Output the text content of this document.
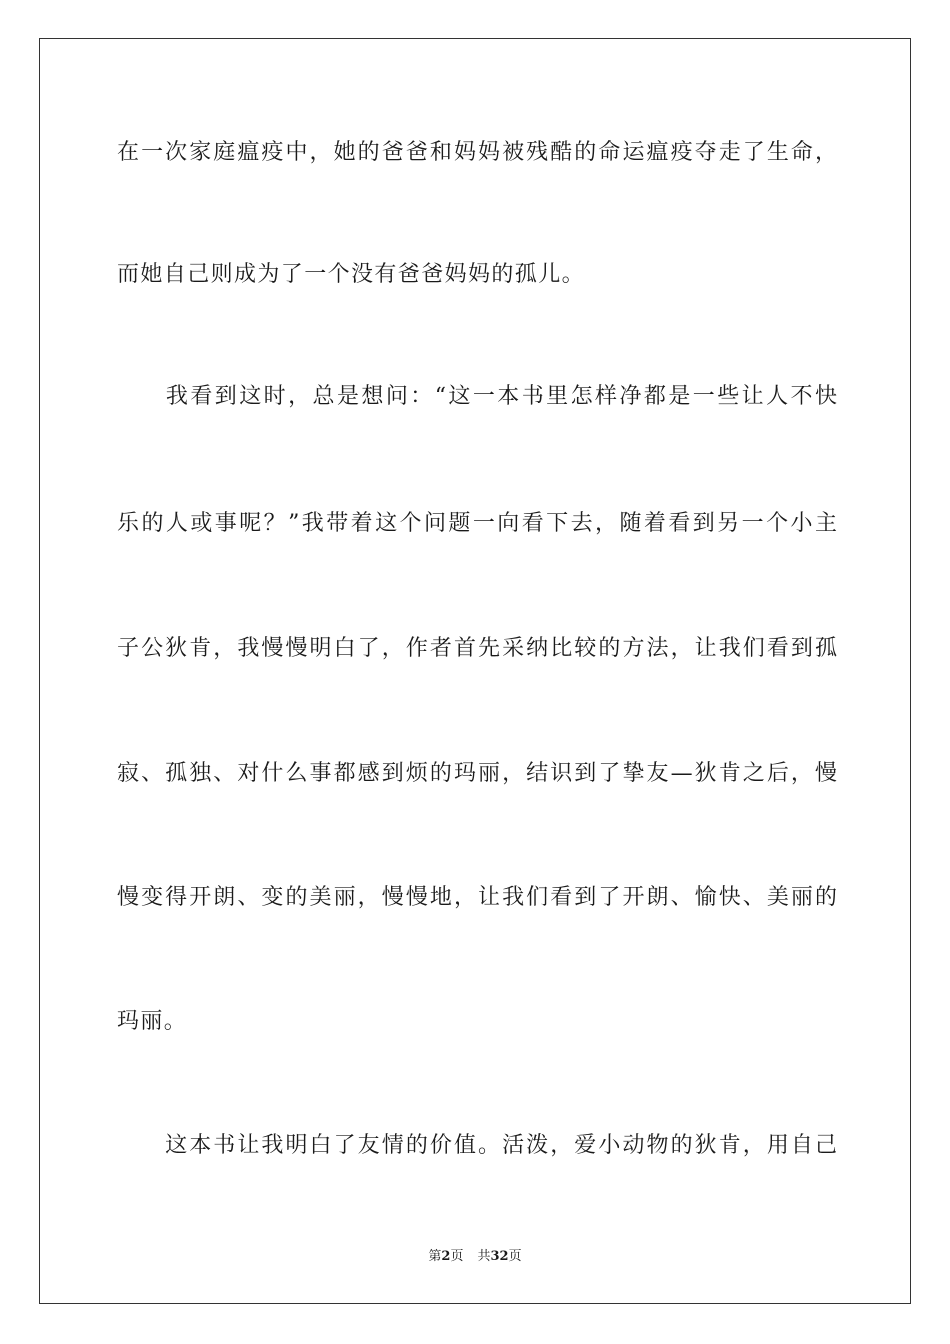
在一次家庭瘟疫中，她的爸爸和妈妈被残酷的命运瘟疫夺走了生命，
而她自己则成为了一个没有爸爸妈妈的孤儿。
　　我看到这时，总是想问：“这一本书里怎样净都是一些让人不快
乐的人或事呢？”我带着这个问题一向看下去，随着看到另一个小主
子公狄肯，我慢慢明白了，作者首先采纳比较的方法，让我们看到孤
寂、孤独、对什么事都感到烦的玛丽，结识到了挚友—狄肯之后，慢
慢变得开朗、变的美丽，慢慢地，让我们看到了开朗、愉快、美丽的
玛丽。
　　这本书让我明白了友情的价值。活泼，爱小动物的狄肯，用自己
第2页 共32页
